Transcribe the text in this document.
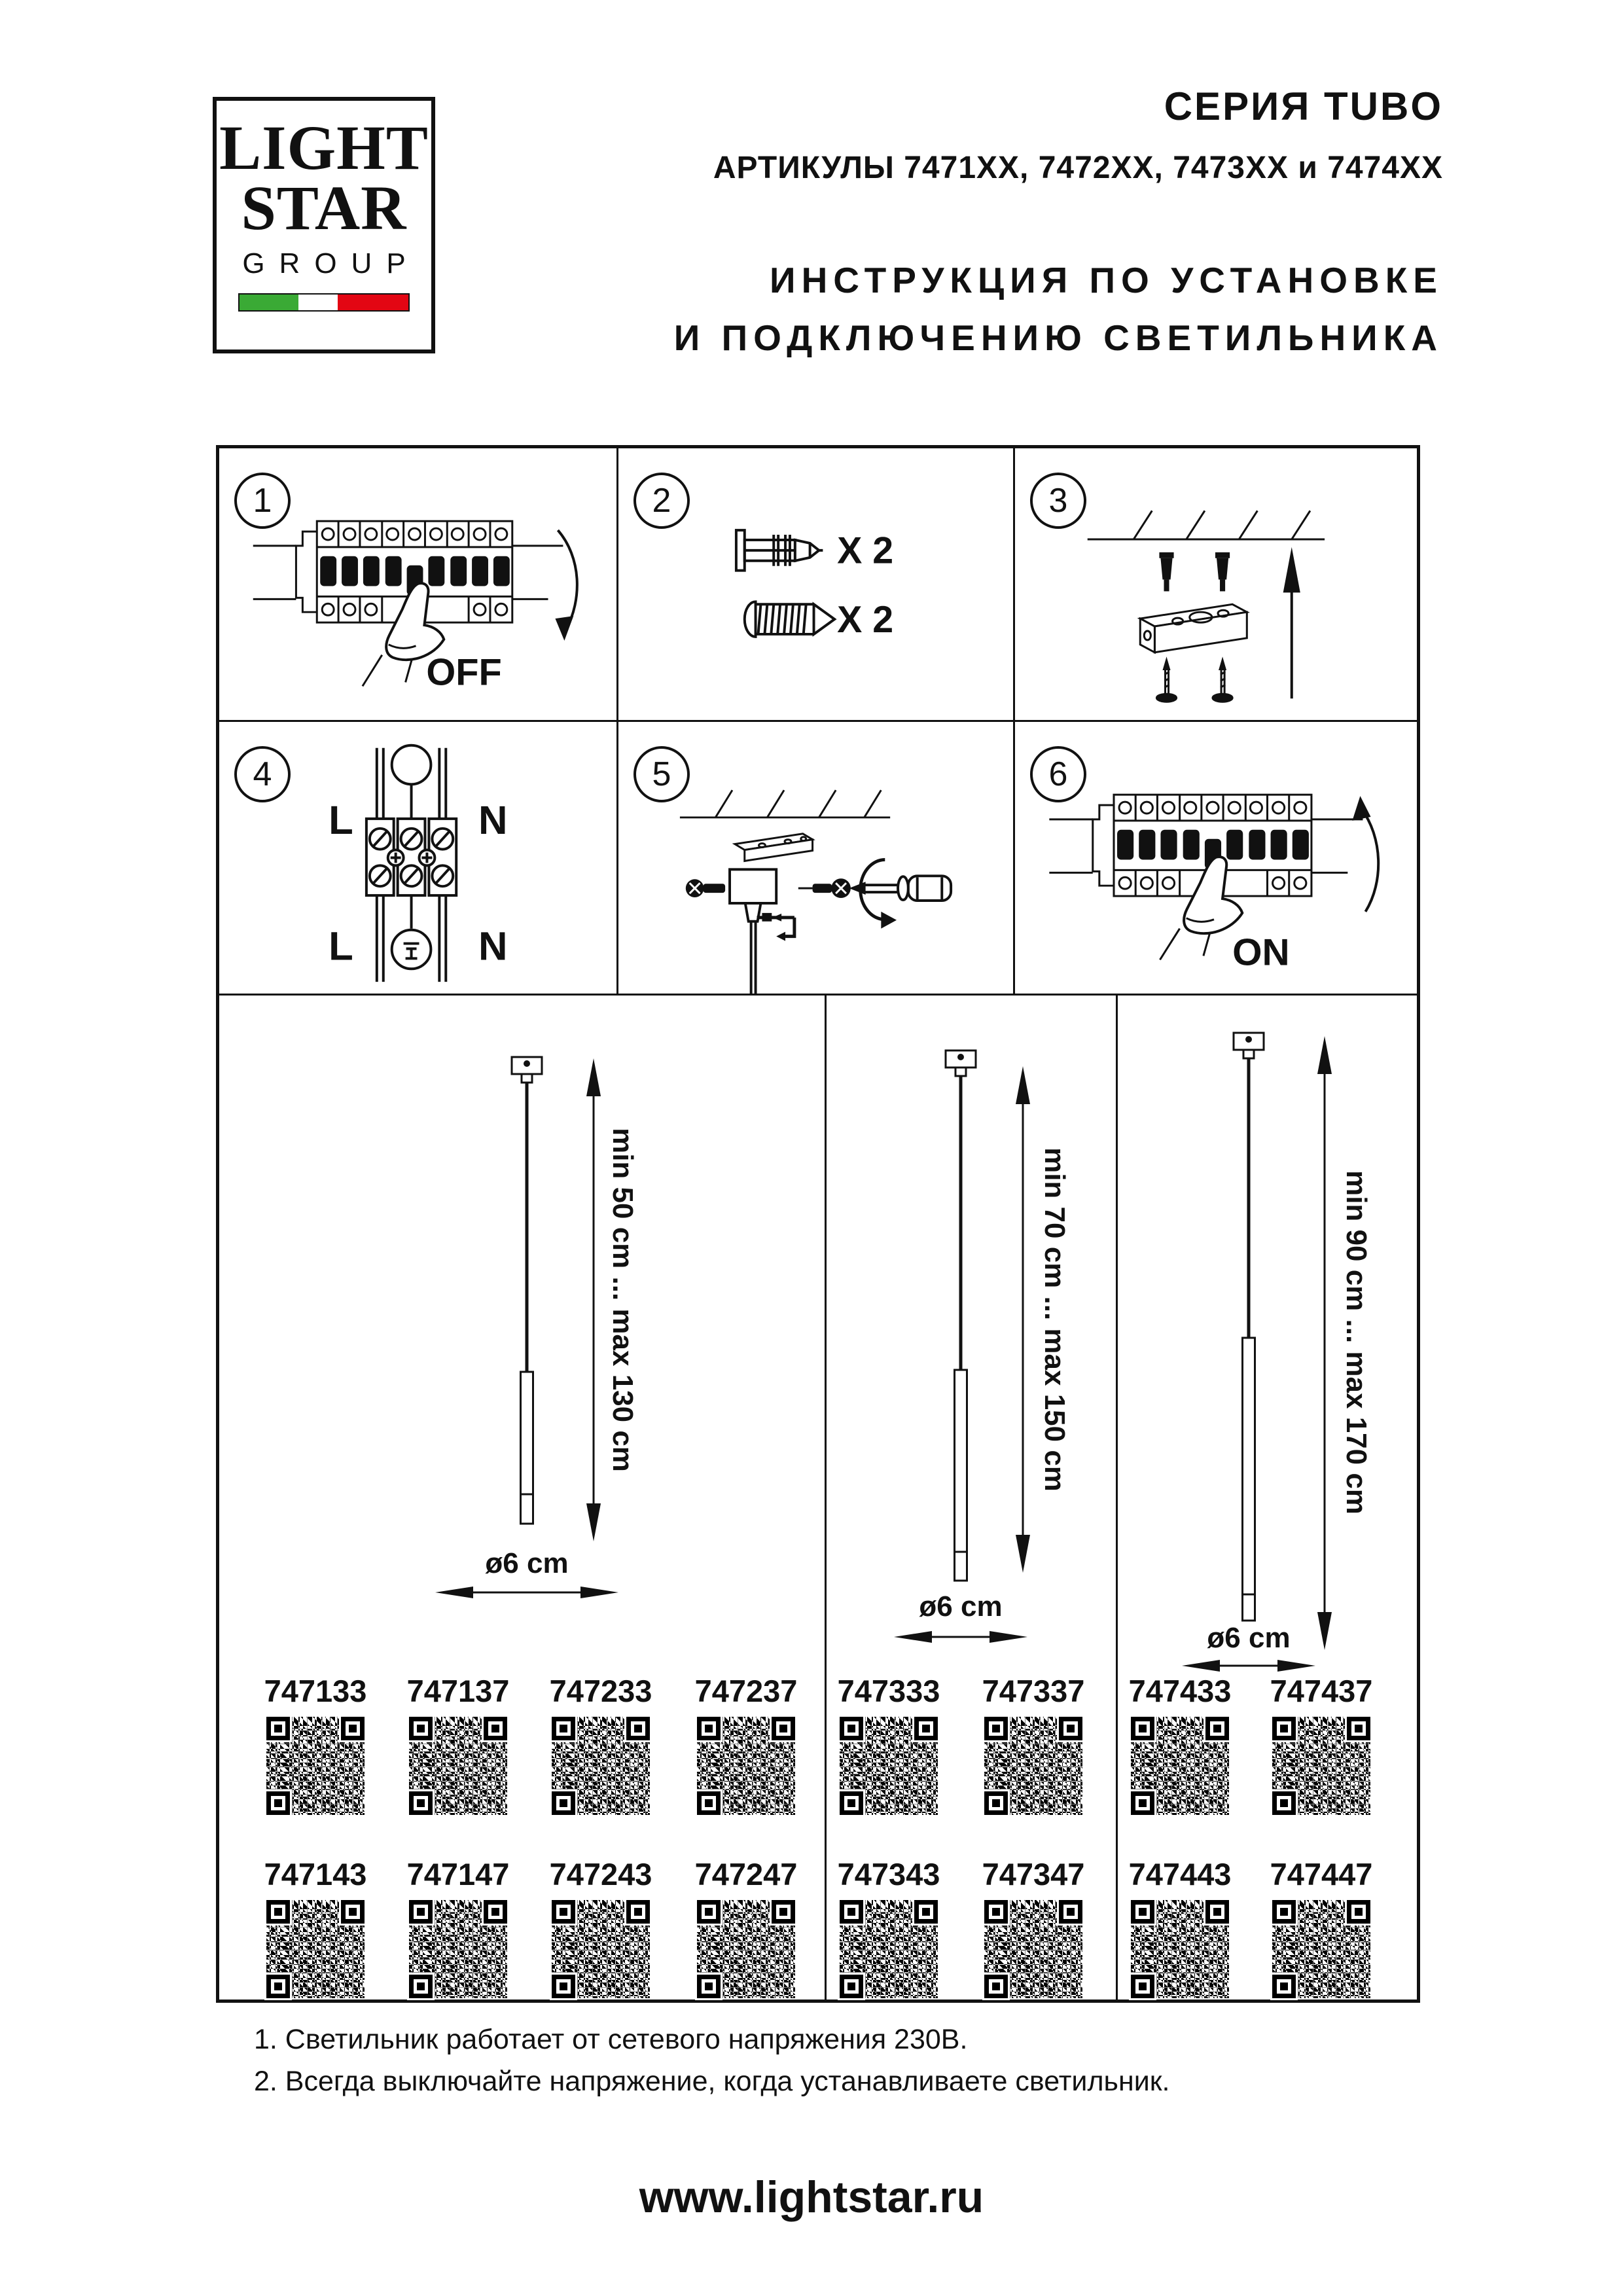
LIGHT
STAR
GROUP
СЕРИЯ TUBO
АРТИКУЛЫ 7471XX, 7472XX, 7473XX и 7474XX
ИНСТРУКЦИЯ ПО УСТАНОВКЕ
И ПОДКЛЮЧЕНИЮ СВЕТИЛЬНИКА
1
OFF
2
X 2
X 2
3
4
L	N
L	N
5	6
ON
min 50 cm ... max 130 cm
ø6 cm
747133	747137	747233	747237
747143	747147	747243	747247
min 70 cm ... max 150 cm
ø6 cm
747333	747337
747343	747347
min 90 cm ... max 170 cm
ø6 cm
747433	747437
747443	747447
1. Светильник работает от сетевого напряжения 230В.
2. Всегда выключайте напряжение, когда устанавливаете светильник.
www.lightstar.ru
